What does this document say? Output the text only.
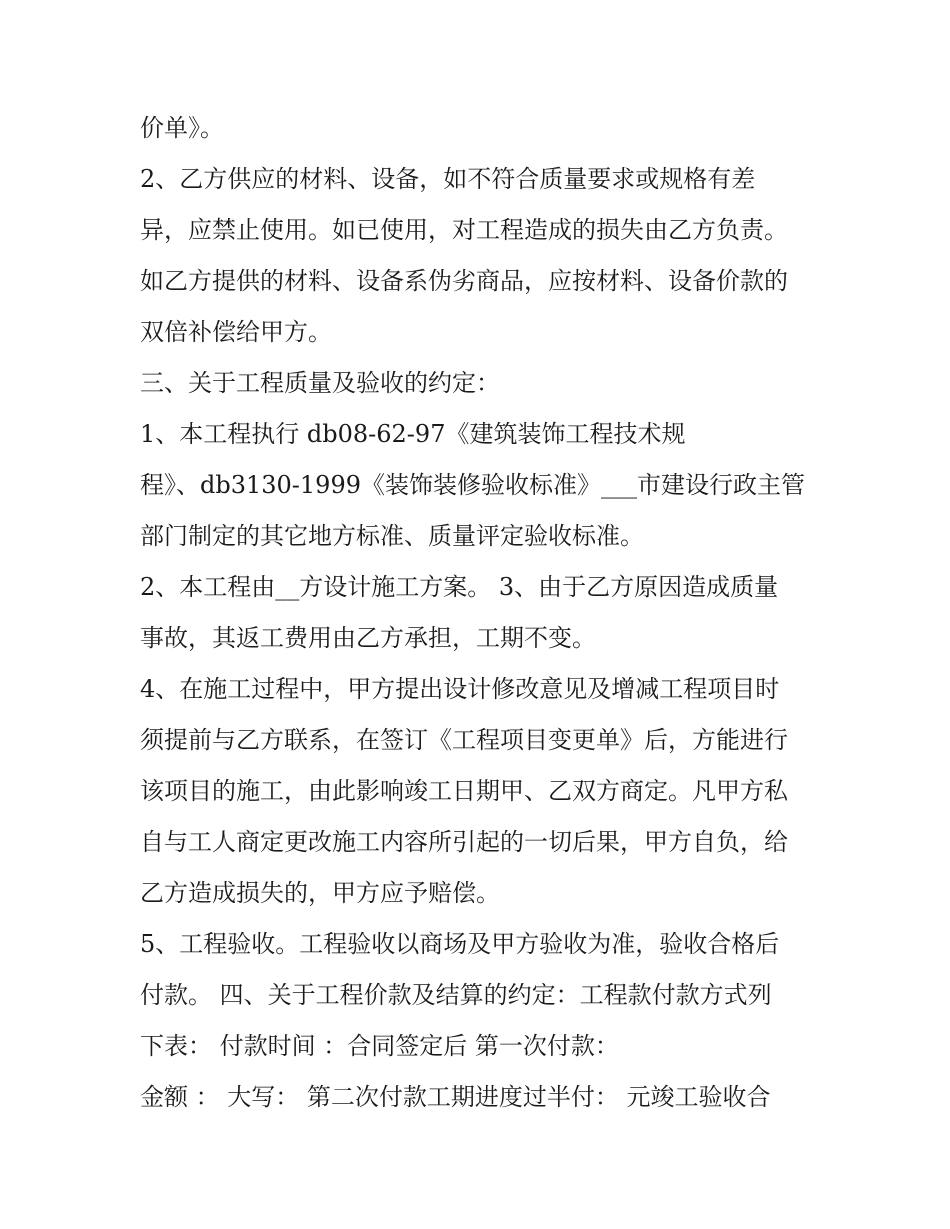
价单》。
2、乙方供应的材料、设备，如不符合质量要求或规格有差
异，应禁止使用。如已使用，对工程造成的损失由乙方负责。
如乙方提供的材料、设备系伪劣商品，应按材料、设备价款的
双倍补偿给甲方。
三、关于工程质量及验收的约定：
1、本工程执行 db08-62-97《建筑装饰工程技术规
程》、db3130-1999《装饰装修验收标准》___市建设行政主管
部门制定的其它地方标准、质量评定验收标准。
2、本工程由__方设计施工方案。 3、由于乙方原因造成质量
事故，其返工费用由乙方承担，工期不变。
4、在施工过程中，甲方提出设计修改意见及增减工程项目时
须提前与乙方联系，在签订《工程项目变更单》后，方能进行
该项目的施工，由此影响竣工日期甲、乙双方商定。凡甲方私
自与工人商定更改施工内容所引起的一切后果，甲方自负，给
乙方造成损失的，甲方应予赔偿。
5、工程验收。工程验收以商场及甲方验收为准，验收合格后
付款。 四、关于工程价款及结算的约定：工程款付款方式列
下表： 付款时间 ：合同签定后 第一次付款：
金额 ： 大写： 第二次付款工期进度过半付： 元竣工验收合
